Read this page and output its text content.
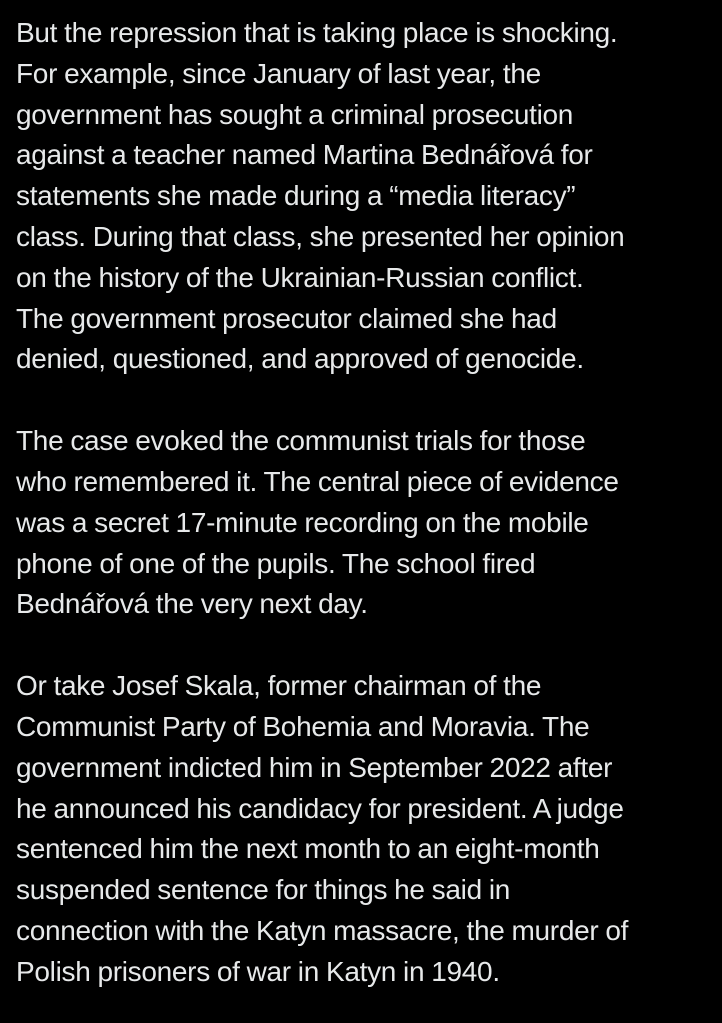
But the repression that is taking place is shocking.
For example, since January of last year, the
government has sought a criminal prosecution
against a teacher named Martina Bednářová for
statements she made during a “media literacy”
class. During that class, she presented her opinion
on the history of the Ukrainian-Russian conflict.
The government prosecutor claimed she had
denied, questioned, and approved of genocide.

The case evoked the communist trials for those
who remembered it. The central piece of evidence
was a secret 17-minute recording on the mobile
phone of one of the pupils. The school fired
Bednářová the very next day.

Or take Josef Skala, former chairman of the
Communist Party of Bohemia and Moravia. The
government indicted him in September 2022 after
he announced his candidacy for president. A judge
sentenced him the next month to an eight-month
suspended sentence for things he said in
connection with the Katyn massacre, the murder of
Polish prisoners of war in Katyn in 1940.
